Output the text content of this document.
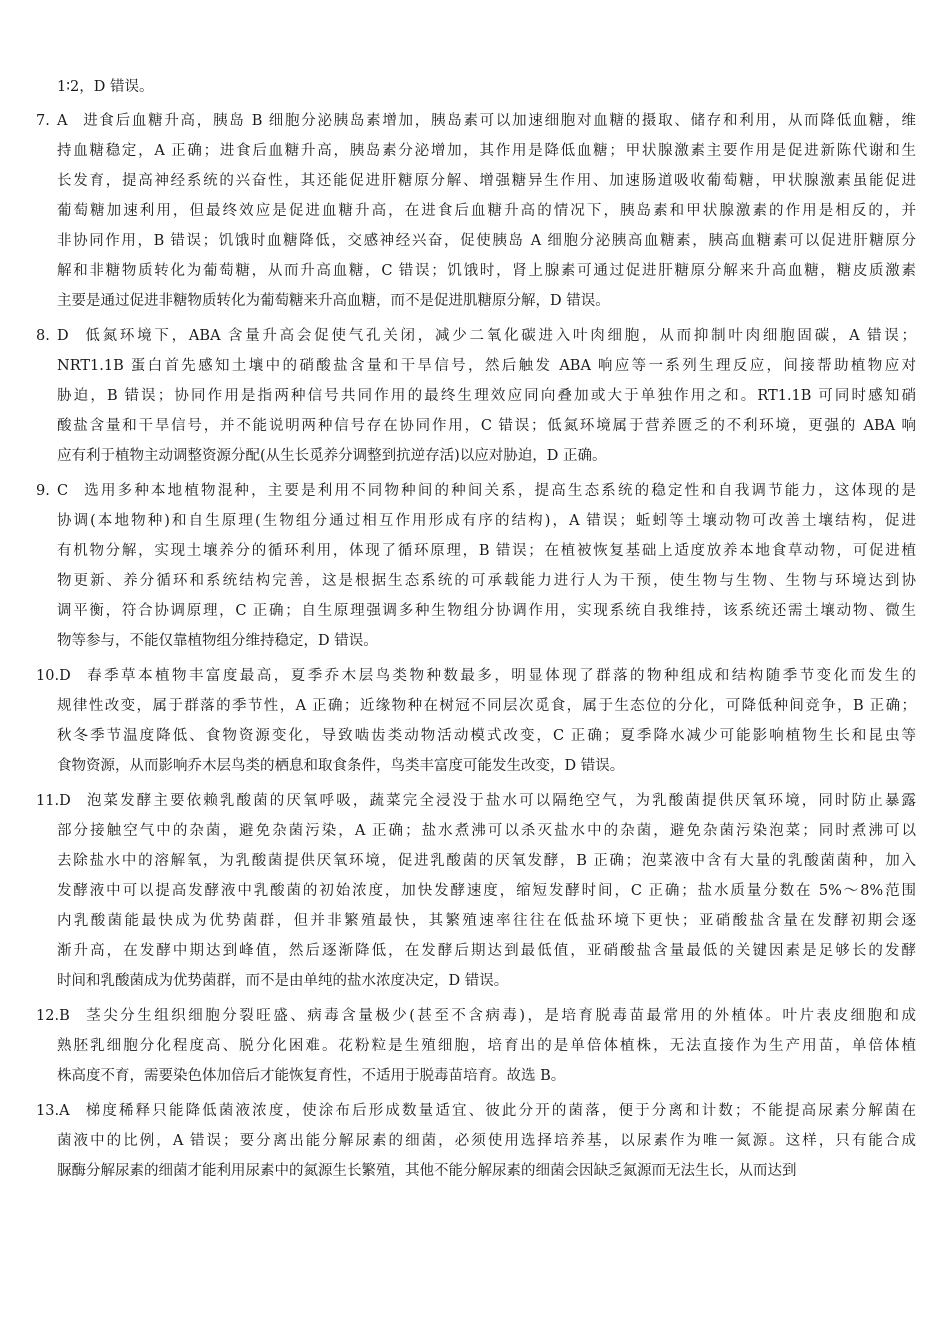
1∶2，D 错误。
7. A 进食后血糖升高，胰岛 B 细胞分泌胰岛素增加，胰岛素可以加速细胞对血糖的摄取、储存和利用，从而降低血糖，维
持血糖稳定，A 正确；进食后血糖升高，胰岛素分泌增加，其作用是降低血糖；甲状腺激素主要作用是促进新陈代谢和生
长发育，提高神经系统的兴奋性，其还能促进肝糖原分解、增强糖异生作用、加速肠道吸收葡萄糖，甲状腺激素虽能促进
葡萄糖加速利用，但最终效应是促进血糖升高，在进食后血糖升高的情况下，胰岛素和甲状腺激素的作用是相反的，并
非协同作用，B 错误；饥饿时血糖降低，交感神经兴奋，促使胰岛 A 细胞分泌胰高血糖素，胰高血糖素可以促进肝糖原分
解和非糖物质转化为葡萄糖，从而升高血糖，C 错误；饥饿时，肾上腺素可通过促进肝糖原分解来升高血糖，糖皮质激素
主要是通过促进非糖物质转化为葡萄糖来升高血糖，而不是促进肌糖原分解，D 错误。
8. D 低氮环境下，ABA 含量升高会促使气孔关闭，减少二氧化碳进入叶肉细胞，从而抑制叶肉细胞固碳，A 错误；
NRT1.1B 蛋白首先感知土壤中的硝酸盐含量和干旱信号，然后触发 ABA 响应等一系列生理反应，间接帮助植物应对
胁迫，B 错误；协同作用是指两种信号共同作用的最终生理效应同向叠加或大于单独作用之和。RT1.1B 可同时感知硝
酸盐含量和干旱信号，并不能说明两种信号存在协同作用，C 错误；低氮环境属于营养匮乏的不利环境，更强的 ABA 响
应有利于植物主动调整资源分配(从生长觅养分调整到抗逆存活)以应对胁迫，D 正确。
9. C 选用多种本地植物混种，主要是利用不同物种间的种间关系，提高生态系统的稳定性和自我调节能力，这体现的是
协调(本地物种)和自生原理(生物组分通过相互作用形成有序的结构)，A 错误；蚯蚓等土壤动物可改善土壤结构，促进
有机物分解，实现土壤养分的循环利用，体现了循环原理，B 错误；在植被恢复基础上适度放养本地食草动物，可促进植
物更新、养分循环和系统结构完善，这是根据生态系统的可承载能力进行人为干预，使生物与生物、生物与环境达到协
调平衡，符合协调原理，C 正确；自生原理强调多种生物组分协调作用，实现系统自我维持，该系统还需土壤动物、微生
物等参与，不能仅靠植物组分维持稳定，D 错误。
10.D 春季草本植物丰富度最高，夏季乔木层鸟类物种数最多，明显体现了群落的物种组成和结构随季节变化而发生的
规律性改变，属于群落的季节性，A 正确；近缘物种在树冠不同层次觅食，属于生态位的分化，可降低种间竞争，B 正确；
秋冬季节温度降低、食物资源变化，导致啮齿类动物活动模式改变，C 正确；夏季降水减少可能影响植物生长和昆虫等
食物资源，从而影响乔木层鸟类的栖息和取食条件，鸟类丰富度可能发生改变，D 错误。
11.D 泡菜发酵主要依赖乳酸菌的厌氧呼吸，蔬菜完全浸没于盐水可以隔绝空气，为乳酸菌提供厌氧环境，同时防止暴露
部分接触空气中的杂菌，避免杂菌污染，A 正确；盐水煮沸可以杀灭盐水中的杂菌，避免杂菌污染泡菜；同时煮沸可以
去除盐水中的溶解氧，为乳酸菌提供厌氧环境，促进乳酸菌的厌氧发酵，B 正确；泡菜液中含有大量的乳酸菌菌种，加入
发酵液中可以提高发酵液中乳酸菌的初始浓度，加快发酵速度，缩短发酵时间，C 正确；盐水质量分数在 5%～8%范围
内乳酸菌能最快成为优势菌群，但并非繁殖最快，其繁殖速率往往在低盐环境下更快；亚硝酸盐含量在发酵初期会逐
渐升高，在发酵中期达到峰值，然后逐渐降低，在发酵后期达到最低值，亚硝酸盐含量最低的关键因素是足够长的发酵
时间和乳酸菌成为优势菌群，而不是由单纯的盐水浓度决定，D 错误。
12.B 茎尖分生组织细胞分裂旺盛、病毒含量极少(甚至不含病毒)，是培育脱毒苗最常用的外植体。叶片表皮细胞和成
熟胚乳细胞分化程度高、脱分化困难。花粉粒是生殖细胞，培育出的是单倍体植株，无法直接作为生产用苗，单倍体植
株高度不育，需要染色体加倍后才能恢复育性，不适用于脱毒苗培育。故选 B。
13.A 梯度稀释只能降低菌液浓度，使涂布后形成数量适宜、彼此分开的菌落，便于分离和计数；不能提高尿素分解菌在
菌液中的比例，A 错误；要分离出能分解尿素的细菌，必须使用选择培养基，以尿素作为唯一氮源。这样，只有能合成
脲酶分解尿素的细菌才能利用尿素中的氮源生长繁殖，其他不能分解尿素的细菌会因缺乏氮源而无法生长，从而达到
